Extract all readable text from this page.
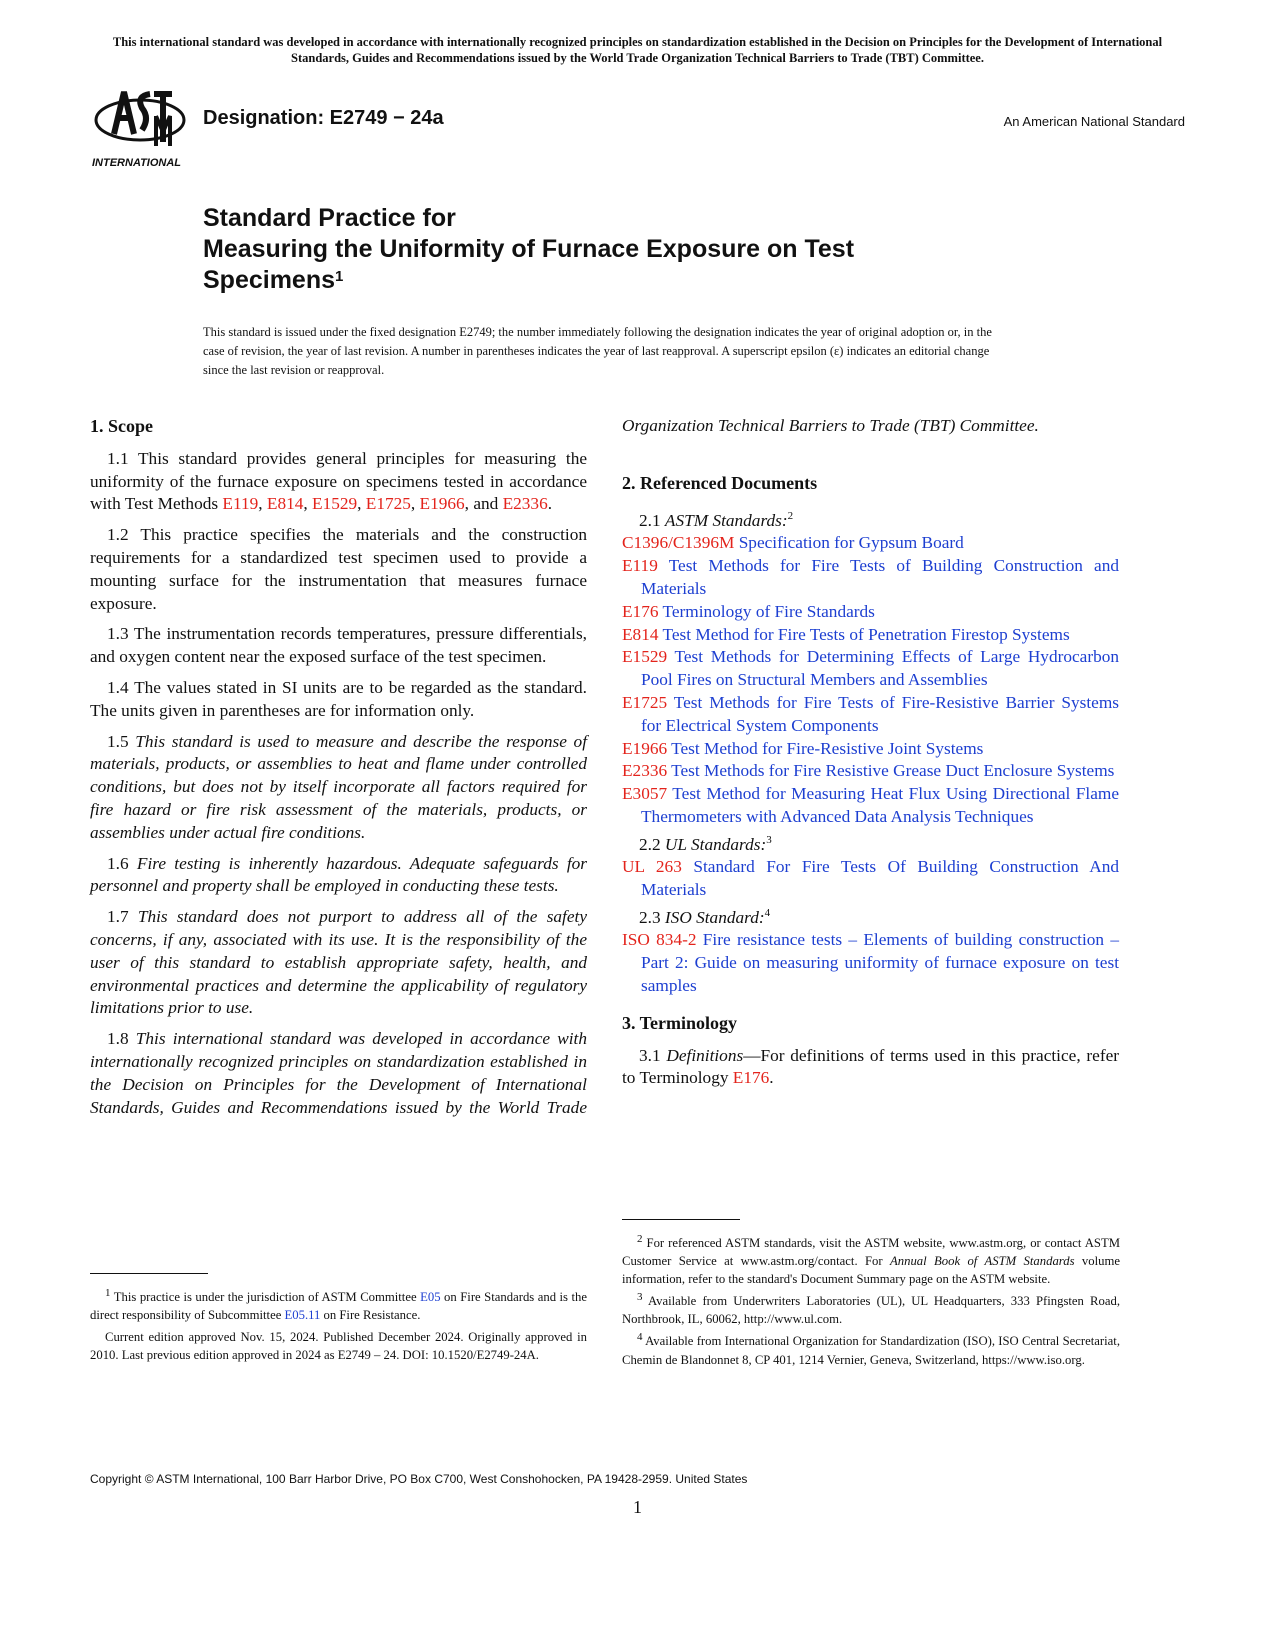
This international standard was developed in accordance with internationally recognized principles on standardization established in the Decision on Principles for the Development of International Standards, Guides and Recommendations issued by the World Trade Organization Technical Barriers to Trade (TBT) Committee.
INTERNATIONAL
Designation: E2749 − 24a	An American National Standard
Standard Practice for
Measuring the Uniformity of Furnace Exposure on Test Specimens$^1$
This standard is issued under the fixed designation E2749; the number immediately following the designation indicates the year of original adoption or, in the case of revision, the year of last revision. A number in parentheses indicates the year of last reapproval. A superscript epsilon (ε) indicates an editorial change since the last revision or reapproval.
1. Scope

1.1 This standard provides general principles for measuring the uniformity of the furnace exposure on specimens tested in accordance with Test Methods E119, E814, E1529, E1725, E1966, and E2336.

1.2 This practice specifies the materials and the construction requirements for a standardized test specimen used to provide a mounting surface for the instrumentation that measures furnace exposure.

1.3 The instrumentation records temperatures, pressure differentials, and oxygen content near the exposed surface of the test specimen.

1.4 The values stated in SI units are to be regarded as the standard. The units given in parentheses are for information only.

1.5 This standard is used to measure and describe the response of materials, products, or assemblies to heat and flame under controlled conditions, but does not by itself incorporate all factors required for fire hazard or fire risk assessment of the materials, products, or assemblies under actual fire conditions.

1.6 Fire testing is inherently hazardous. Adequate safeguards for personnel and property shall be employed in conducting these tests.

1.7 This standard does not purport to address all of the safety concerns, if any, associated with its use. It is the responsibility of the user of this standard to establish appropriate safety, health, and environmental practices and determine the applicability of regulatory limitations prior to use.

1.8 This international standard was developed in accordance with internationally recognized principles on standardization established in the Decision on Principles for the Development of International Standards, Guides and Recommendations issued by the World Trade

$^1$ This practice is under the jurisdiction of ASTM Committee E05 on Fire Standards and is the direct responsibility of Subcommittee E05.11 on Fire Resistance.

Current edition approved Nov. 15, 2024. Published December 2024. Originally approved in 2010. Last previous edition approved in 2024 as E2749 – 24. DOI: 10.1520/E2749-24A.

Organization Technical Barriers to Trade (TBT) Committee.

2. Referenced Documents

2.1 ASTM Standards:$^2$

C1396/C1396M Specification for Gypsum Board

E119 Test Methods for Fire Tests of Building Construction and Materials

E176 Terminology of Fire Standards

E814 Test Method for Fire Tests of Penetration Firestop Systems

E1529 Test Methods for Determining Effects of Large Hydrocarbon Pool Fires on Structural Members and Assemblies

E1725 Test Methods for Fire Tests of Fire-Resistive Barrier Systems for Electrical System Components

E1966 Test Method for Fire-Resistive Joint Systems

E2336 Test Methods for Fire Resistive Grease Duct Enclosure Systems

E3057 Test Method for Measuring Heat Flux Using Directional Flame Thermometers with Advanced Data Analysis Techniques

2.2 UL Standards:$^3$

UL 263 Standard For Fire Tests Of Building Construction And Materials

2.3 ISO Standard:$^4$

ISO 834-2 Fire resistance tests – Elements of building construction – Part 2: Guide on measuring uniformity of furnace exposure on test samples

3. Terminology

3.1 Definitions—For definitions of terms used in this practice, refer to Terminology E176.

$^2$ For referenced ASTM standards, visit the ASTM website, www.astm.org, or contact ASTM Customer Service at www.astm.org/contact. For Annual Book of ASTM Standards volume information, refer to the standard's Document Summary page on the ASTM website.

$^3$ Available from Underwriters Laboratories (UL), UL Headquarters, 333 Pfingsten Road, Northbrook, IL, 60062, http://www.ul.com.

$^4$ Available from International Organization for Standardization (ISO), ISO Central Secretariat, Chemin de Blandonnet 8, CP 401, 1214 Vernier, Geneva, Switzerland, https://www.iso.org.

Copyright © ASTM International, 100 Barr Harbor Drive, PO Box C700, West Conshohocken, PA 19428-2959. United States
1
